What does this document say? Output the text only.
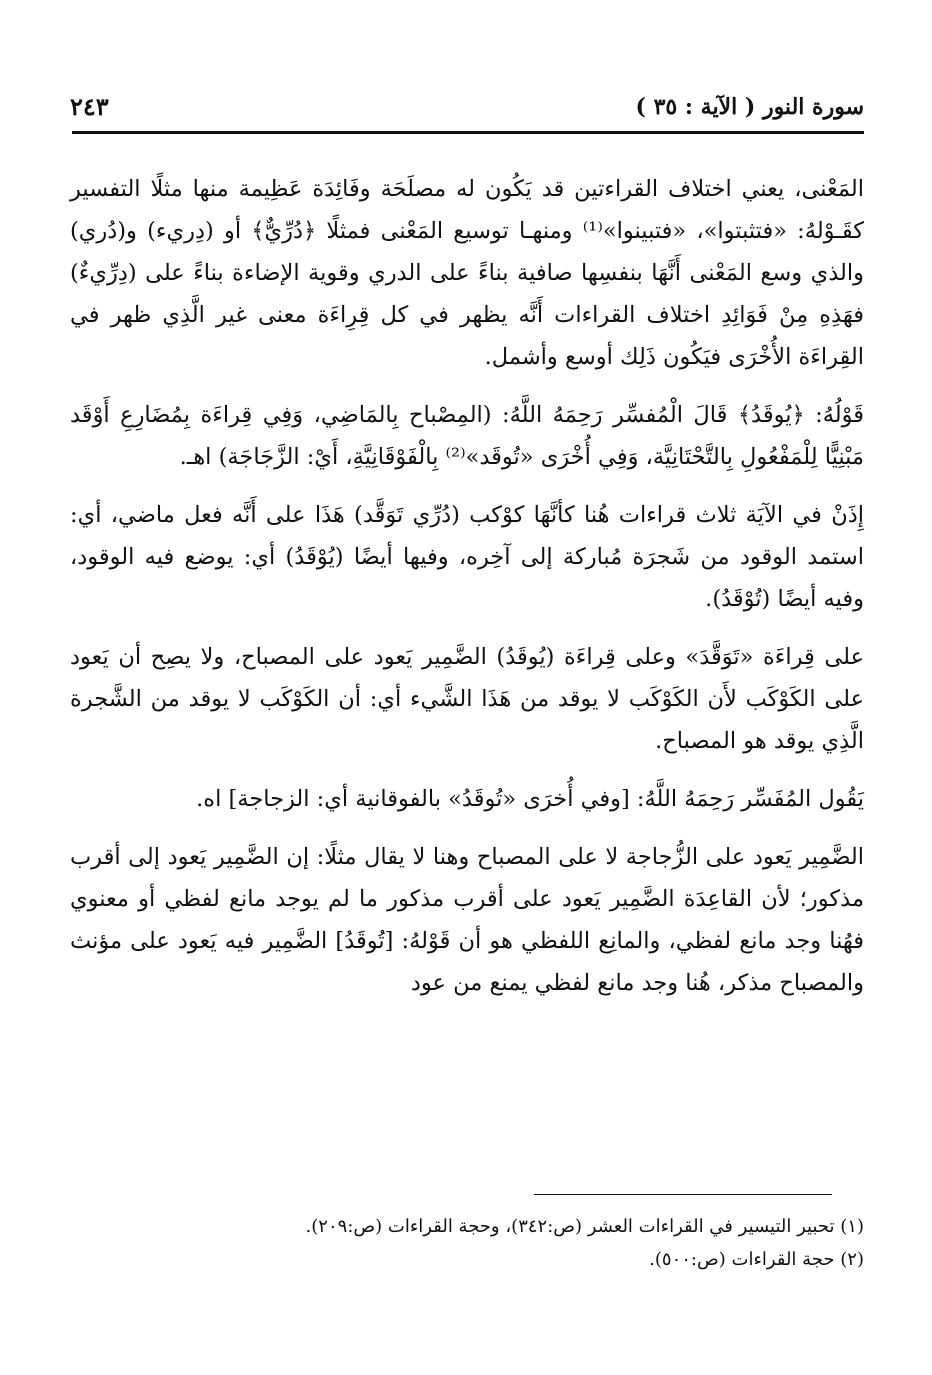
سورة النور ( الآية : ٣٥ )
٢٤٣

المَعْنى، يعني اختلاف القراءتين قد يَكُون له مصلَحَة وفَائِدَة عَظِيمة منها مثلًا التفسير كقَـوْلهُ: «فتثبتوا»، «فتبينوا»⁽¹⁾ ومنهـا توسيع المَعْنى فمثلًا ﴿دُرِّيٌّ﴾ أو (دِريء) و(دُري) والذي وسع المَعْنى أَنَّهَا بنفسِها صافية بناءً على الدري وقوية الإضاءة بناءً على (دِرِّيءٌ) فهَذِهِ مِنْ فَوَائِدِ اختلاف القراءات أَنَّه يظهر في كل قِرِاءَة معنى غير الَّذِي ظهر في القِراءَة الأُخْرَى فيَكُون ذَلِك أوسع وأشمل.

قَوْلُهُ: ﴿يُوقَدُ﴾ قَالَ الْمُفسِّر رَحِمَهُ اللَّهُ: (المِصْباح بِالمَاضِي، وَفِي قِراءَة بِمُضَارِعِ أَوْقَد مَبْنِيًّا لِلْمَفْعُولِ بِالتَّحْتَانِيَّة، وَفِي أُخْرَى «تُوقَد»⁽²⁾ بِالْفَوْقَانِيَّةِ، أَيْ: الزَّجَاجَة) اهـ.

إِذَنْ في الآيَة ثلاث قراءات هُنا كأنَّهَا كوْكب (دُرِّي تَوَقَّد) هَذَا على أَنَّه فعل ماضي، أي: استمد الوقود من شَجرَة مُباركة إلى آخِره، وفيها أيضًا (يُوْقَدُ) أي: يوضع فيه الوقود، وفيه أيضًا (تُوْقَدُ).

على قِراءَة «تَوَقَّدَ» وعلى قِراءَة (يُوقَدُ) الضَّمِير يَعود على المصباح، ولا يصِح أن يَعود على الكَوْكَب لأَن الكَوْكَب لا يوقد من هَذَا الشَّيء أي: أن الكَوْكَب لا يوقد من الشَّجرة الَّذِي يوقد هو المصباح.

يَقُول المُفَسِّر رَحِمَهُ اللَّهُ: [وفي أُخرَى «تُوقَدُ» بالفوقانية أي: الزجاجة] اه.

الضَّمِير يَعود على الزُّجاجة لا على المصباح وهنا لا يقال مثلًا: إن الضَّمِير يَعود إلى أقرب مذكور؛ لأن القاعِدَة الضَّمِير يَعود على أقرب مذكور ما لم يوجد مانع لفظي أو معنوي فهُنا وجد مانع لفظي، والمانِع اللفظي هو أن قَوْلهُ: [تُوقَدُ] الضَّمِير فيه يَعود على مؤنث والمصباح مذكر، هُنا وجد مانع لفظي يمنع من عود

(١) تحبير التيسير في القراءات العشر (ص:٣٤٢)، وحجة القراءات (ص:٢٠٩).

(٢) حجة القراءات (ص:٥٠٠).
